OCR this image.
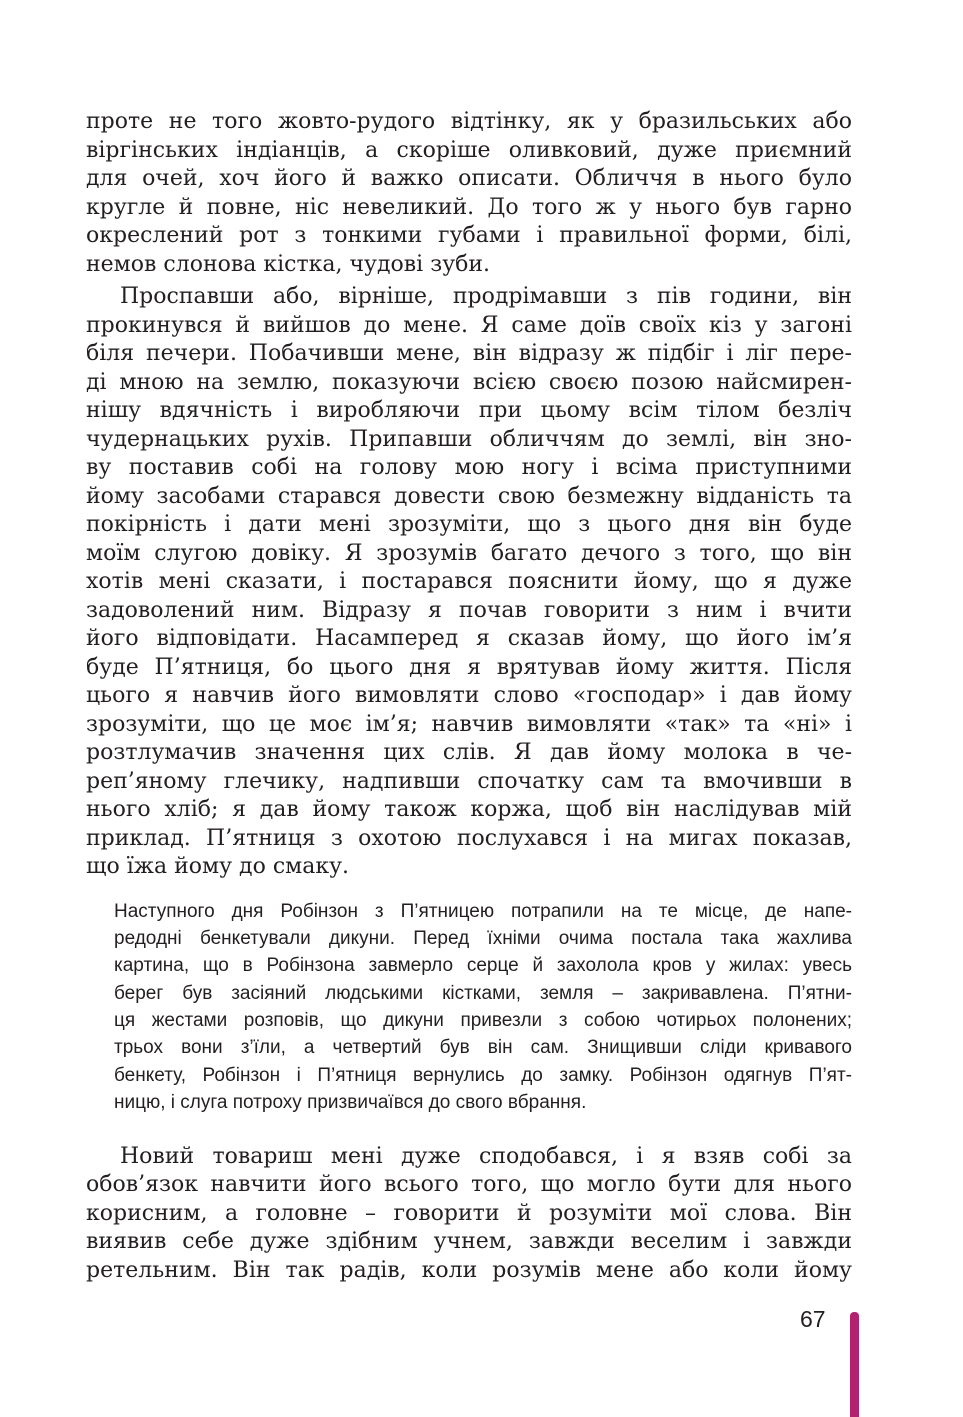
проте не того жовто-рудого відтінку, як у бразильських або
віргінських індіанців, а скоріше оливковий, дуже приємний
для очей, хоч його й важко описати. Обличчя в нього було
кругле й повне, ніс невеликий. До того ж у нього був гарно
окреслений рот з тонкими губами і правильної форми, білі,
немов слонова кістка, чудові зуби.
Проспавши або, вірніше, продрімавши з пів години, він
прокинувся й вийшов до мене. Я саме доїв своїх кіз у загоні
біля печери. Побачивши мене, він відразу ж підбіг і ліг пере-
ді мною на землю, показуючи всією своєю позою найсмирен-
нішу вдячність і виробляючи при цьому всім тілом безліч
чудернацьких рухів. Припавши обличчям до землі, він зно-
ву поставив собі на голову мою ногу і всіма приступними
йому засобами старався довести свою безмежну відданість та
покірність і дати мені зрозуміти, що з цього дня він буде
моїм слугою довіку. Я зрозумів багато дечого з того, що він
хотів мені сказати, і постарався пояснити йому, що я дуже
задоволений ним. Відразу я почав говорити з ним і вчити
його відповідати. Насамперед я сказав йому, що його ім’я
буде П’ятниця, бо цього дня я врятував йому життя. Після
цього я навчив його вимовляти слово «господар» і дав йому
зрозуміти, що це моє ім’я; навчив вимовляти «так» та «ні» і
розтлумачив значення цих слів. Я дав йому молока в че-
реп’яному глечику, надпивши спочатку сам та вмочивши в
нього хліб; я дав йому також коржа, щоб він наслідував мій
приклад. П’ятниця з охотою послухався і на мигах показав,
що їжа йому до смаку.
Наступного дня Робінзон з П’ятницею потрапили на те місце, де напе-
редодні бенкетували дикуни. Перед їхніми очима постала така жахлива
картина, що в Робінзона завмерло серце й захолола кров у жилах: увесь
берег був засіяний людськими кістками, земля – закривавлена. П’ятни-
ця жестами розповів, що дикуни привезли з собою чотирьох полонених;
трьох вони з’їли, а четвертий був він сам. Знищивши сліди кривавого
бенкету, Робінзон і П’ятниця вернулись до замку. Робінзон одягнув П’ят-
ницю, і слуга потроху призвичаївся до свого вбрання.
Новий товариш мені дуже сподобався, і я взяв собі за
обов’язок навчити його всього того, що могло бути для нього
корисним, а головне – говорити й розуміти мої слова. Він
виявив себе дуже здібним учнем, завжди веселим і завжди
ретельним. Він так радів, коли розумів мене або коли йому
67
